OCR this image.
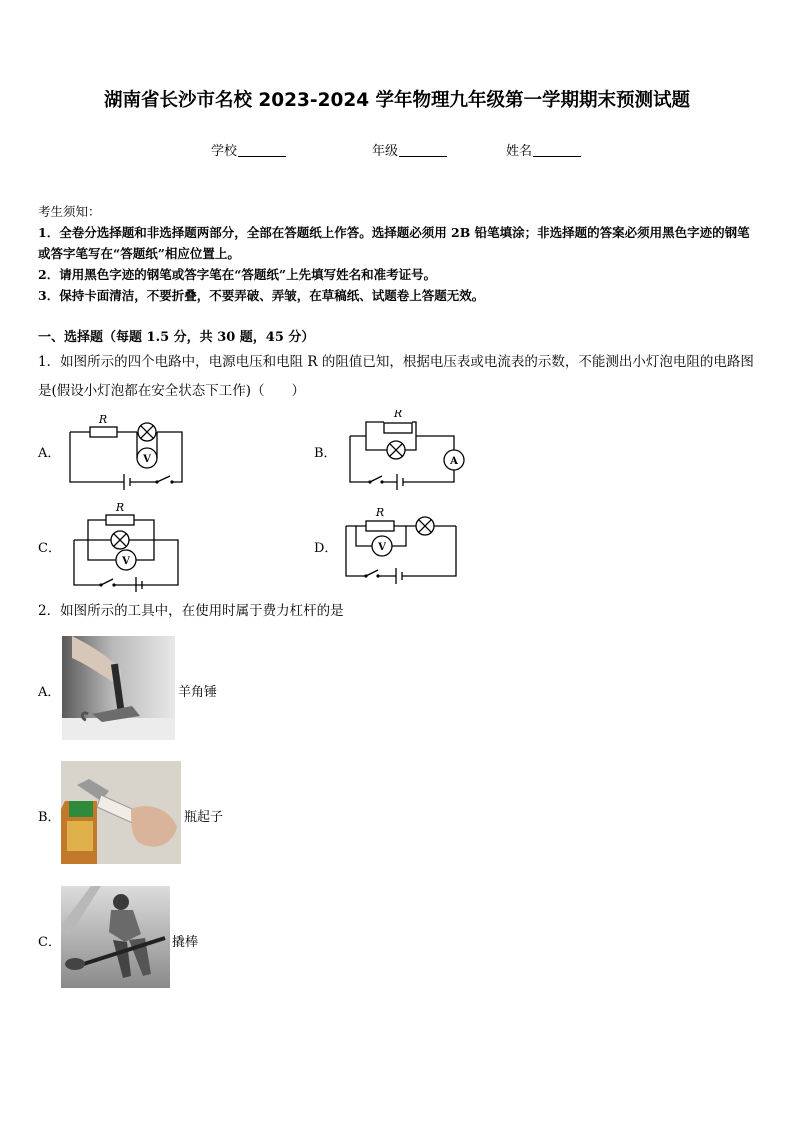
湖南省长沙市名校 2023-2024 学年物理九年级第一学期期末预测试题
学校	年级	姓名
考生须知：
1．全卷分选择题和非选择题两部分，全部在答题纸上作答。选择题必须用 2B 铅笔填涂；非选择题的答案必须用黑色字迹的钢笔或答字笔写在“答题纸”相应位置上。
2．请用黑色字迹的钢笔或答字笔在“答题纸”上先填写姓名和准考证号。
3．保持卡面清洁，不要折叠，不要弄破、弄皱，在草稿纸、试题卷上答题无效。
一、选择题（每题 1.5 分，共 30 题，45 分）
1．如图所示的四个电路中，电源电压和电阻 R 的阻值已知，根据电压表或电流表的示数，不能测出小灯泡电阻的电路图是(假设小灯泡都在安全状态下工作)（　　）
A．	B．
C．	D．
R
V
R
A
R
V
R
V
2．如图所示的工具中，在使用时属于费力杠杆的是
A．	羊角锤
B．	瓶起子
C．	撬棒
